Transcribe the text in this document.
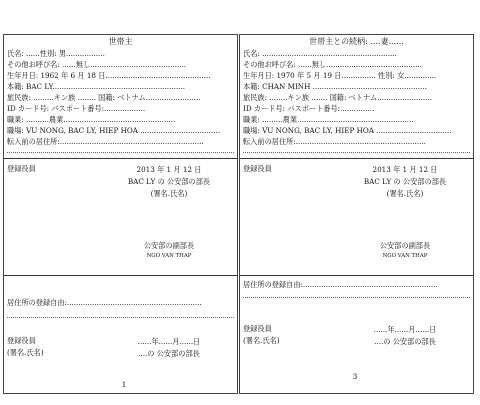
世帯主
氏名: ......性別: 男.................
その他お呼び名: ......無し..........................................
生年月日: 1962 年 6 月 18 日..............................................
本籍: BAC LY..........................................................
旅民族: .........キン族 ........ 国籍: ベトナム........................
ID カード号: パスポート番号:..................
職業: ..........農業.................................................
職場: VU NONG, BAC LY, HIEP HOA ...................................
転入前の居住所:...............................................................
登録役員	2013 年 1 月 12 日
BAC LY の 公安部の部長
(署名.氏名)
公安部の副部長
NGO VAN THAP
居住所の登録自由:...........................................................
登録役員	......年......月......日
(署名.氏名)	....の 公安部の部長
1
世帯主との続柄: ....妻......
氏名: ...........................................................
その他お呼び名: ......無し..........................................
生年月日: 1970 年 5 月 19 日............... 性別: 女..............
本籍: CHAN MINH ..................................................
旅民族: ........キン族 ....... 国籍: ベトナム........................
ID カード号: パスポート番号:...............
職業: .........農業...................................................
職場: VU NONG, BAC LY, HIEP HOA .................................
転入前の居住所:.........................................................
登録役員	2013 年 1 月 12 日
BAC LY の 公安部の部長
(署名.氏名)
公安部の副部長
NGO VAN THAP
居住所の登録自由:...........................................................
登録役員	......年......月......日
(署名.氏名)	....の 公安部の部長
3
